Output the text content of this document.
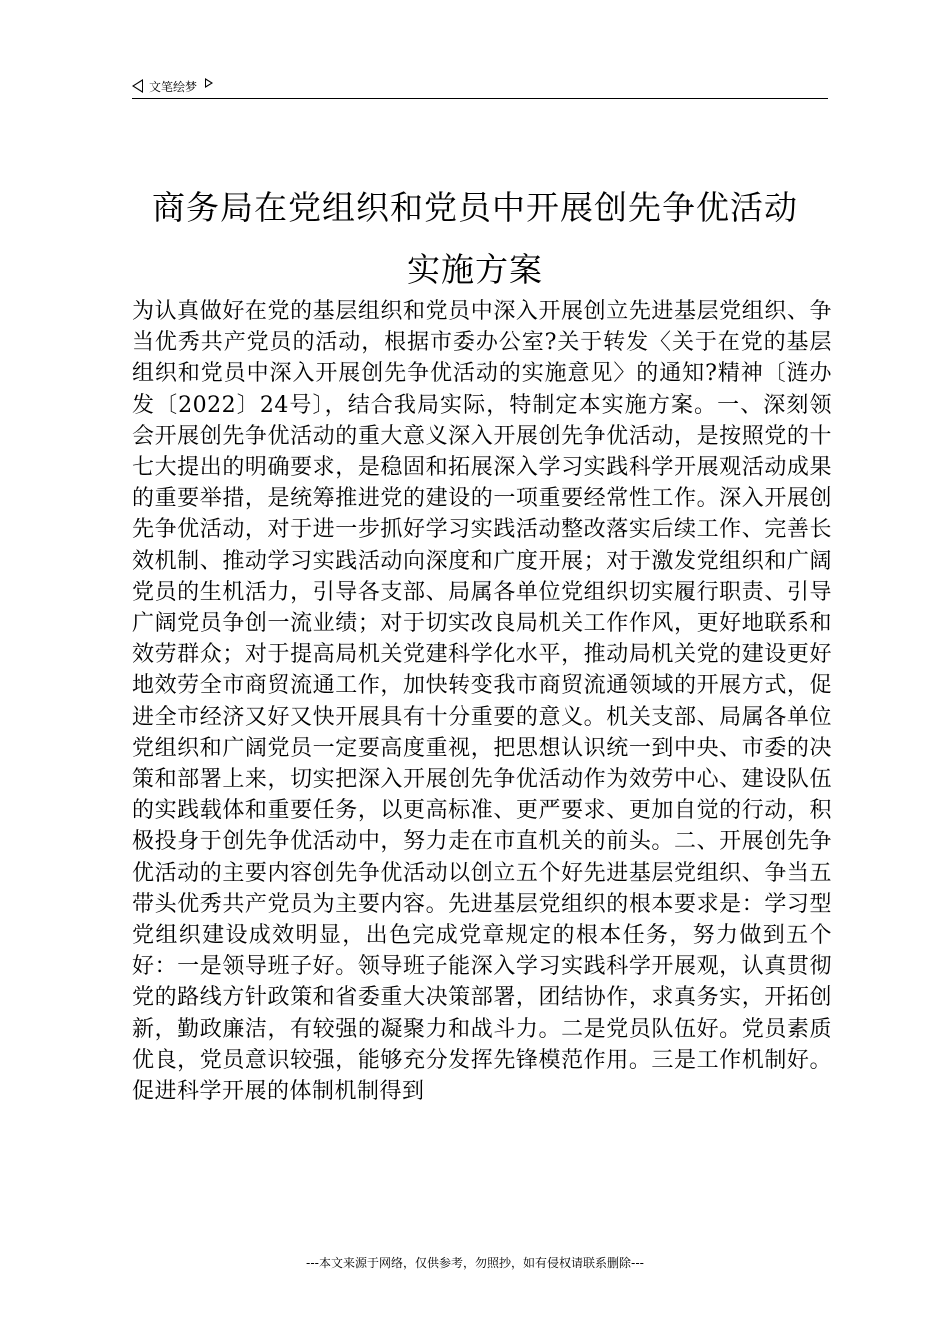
文笔绘梦
商务局在党组织和党员中开展创先争优活动
实施方案
为认真做好在党的基层组织和党员中深入开展创立先进基层党组织、争当优秀共产党员的活动，根据市委办公室?关于转发〈关于在党的基层组织和党员中深入开展创先争优活动的实施意见〉的通知?精神〔涟办发〔2022〕24号〕，结合我局实际，特制定本实施方案。一、深刻领会开展创先争优活动的重大意义深入开展创先争优活动，是按照党的十七大提出的明确要求，是稳固和拓展深入学习实践科学开展观活动成果的重要举措，是统筹推进党的建设的一项重要经常性工作。深入开展创先争优活动，对于进一步抓好学习实践活动整改落实后续工作、完善长效机制、推动学习实践活动向深度和广度开展；对于激发党组织和广阔党员的生机活力，引导各支部、局属各单位党组织切实履行职责、引导广阔党员争创一流业绩；对于切实改良局机关工作作风，更好地联系和效劳群众；对于提高局机关党建科学化水平，推动局机关党的建设更好地效劳全市商贸流通工作，加快转变我市商贸流通领域的开展方式，促进全市经济又好又快开展具有十分重要的意义。机关支部、局属各单位党组织和广阔党员一定要高度重视，把思想认识统一到中央、市委的决策和部署上来，切实把深入开展创先争优活动作为效劳中心、建设队伍的实践载体和重要任务，以更高标准、更严要求、更加自觉的行动，积极投身于创先争优活动中，努力走在市直机关的前头。二、开展创先争优活动的主要内容创先争优活动以创立五个好先进基层党组织、争当五带头优秀共产党员为主要内容。先进基层党组织的根本要求是：学习型党组织建设成效明显，出色完成党章规定的根本任务，努力做到五个好：一是领导班子好。领导班子能深入学习实践科学开展观，认真贯彻党的路线方针政策和省委重大决策部署，团结协作，求真务实，开拓创新，勤政廉洁，有较强的凝聚力和战斗力。二是党员队伍好。党员素质优良，党员意识较强，能够充分发挥先锋模范作用。三是工作机制好。促进科学开展的体制机制得到
---本文来源于网络，仅供参考，勿照抄，如有侵权请联系删除---
